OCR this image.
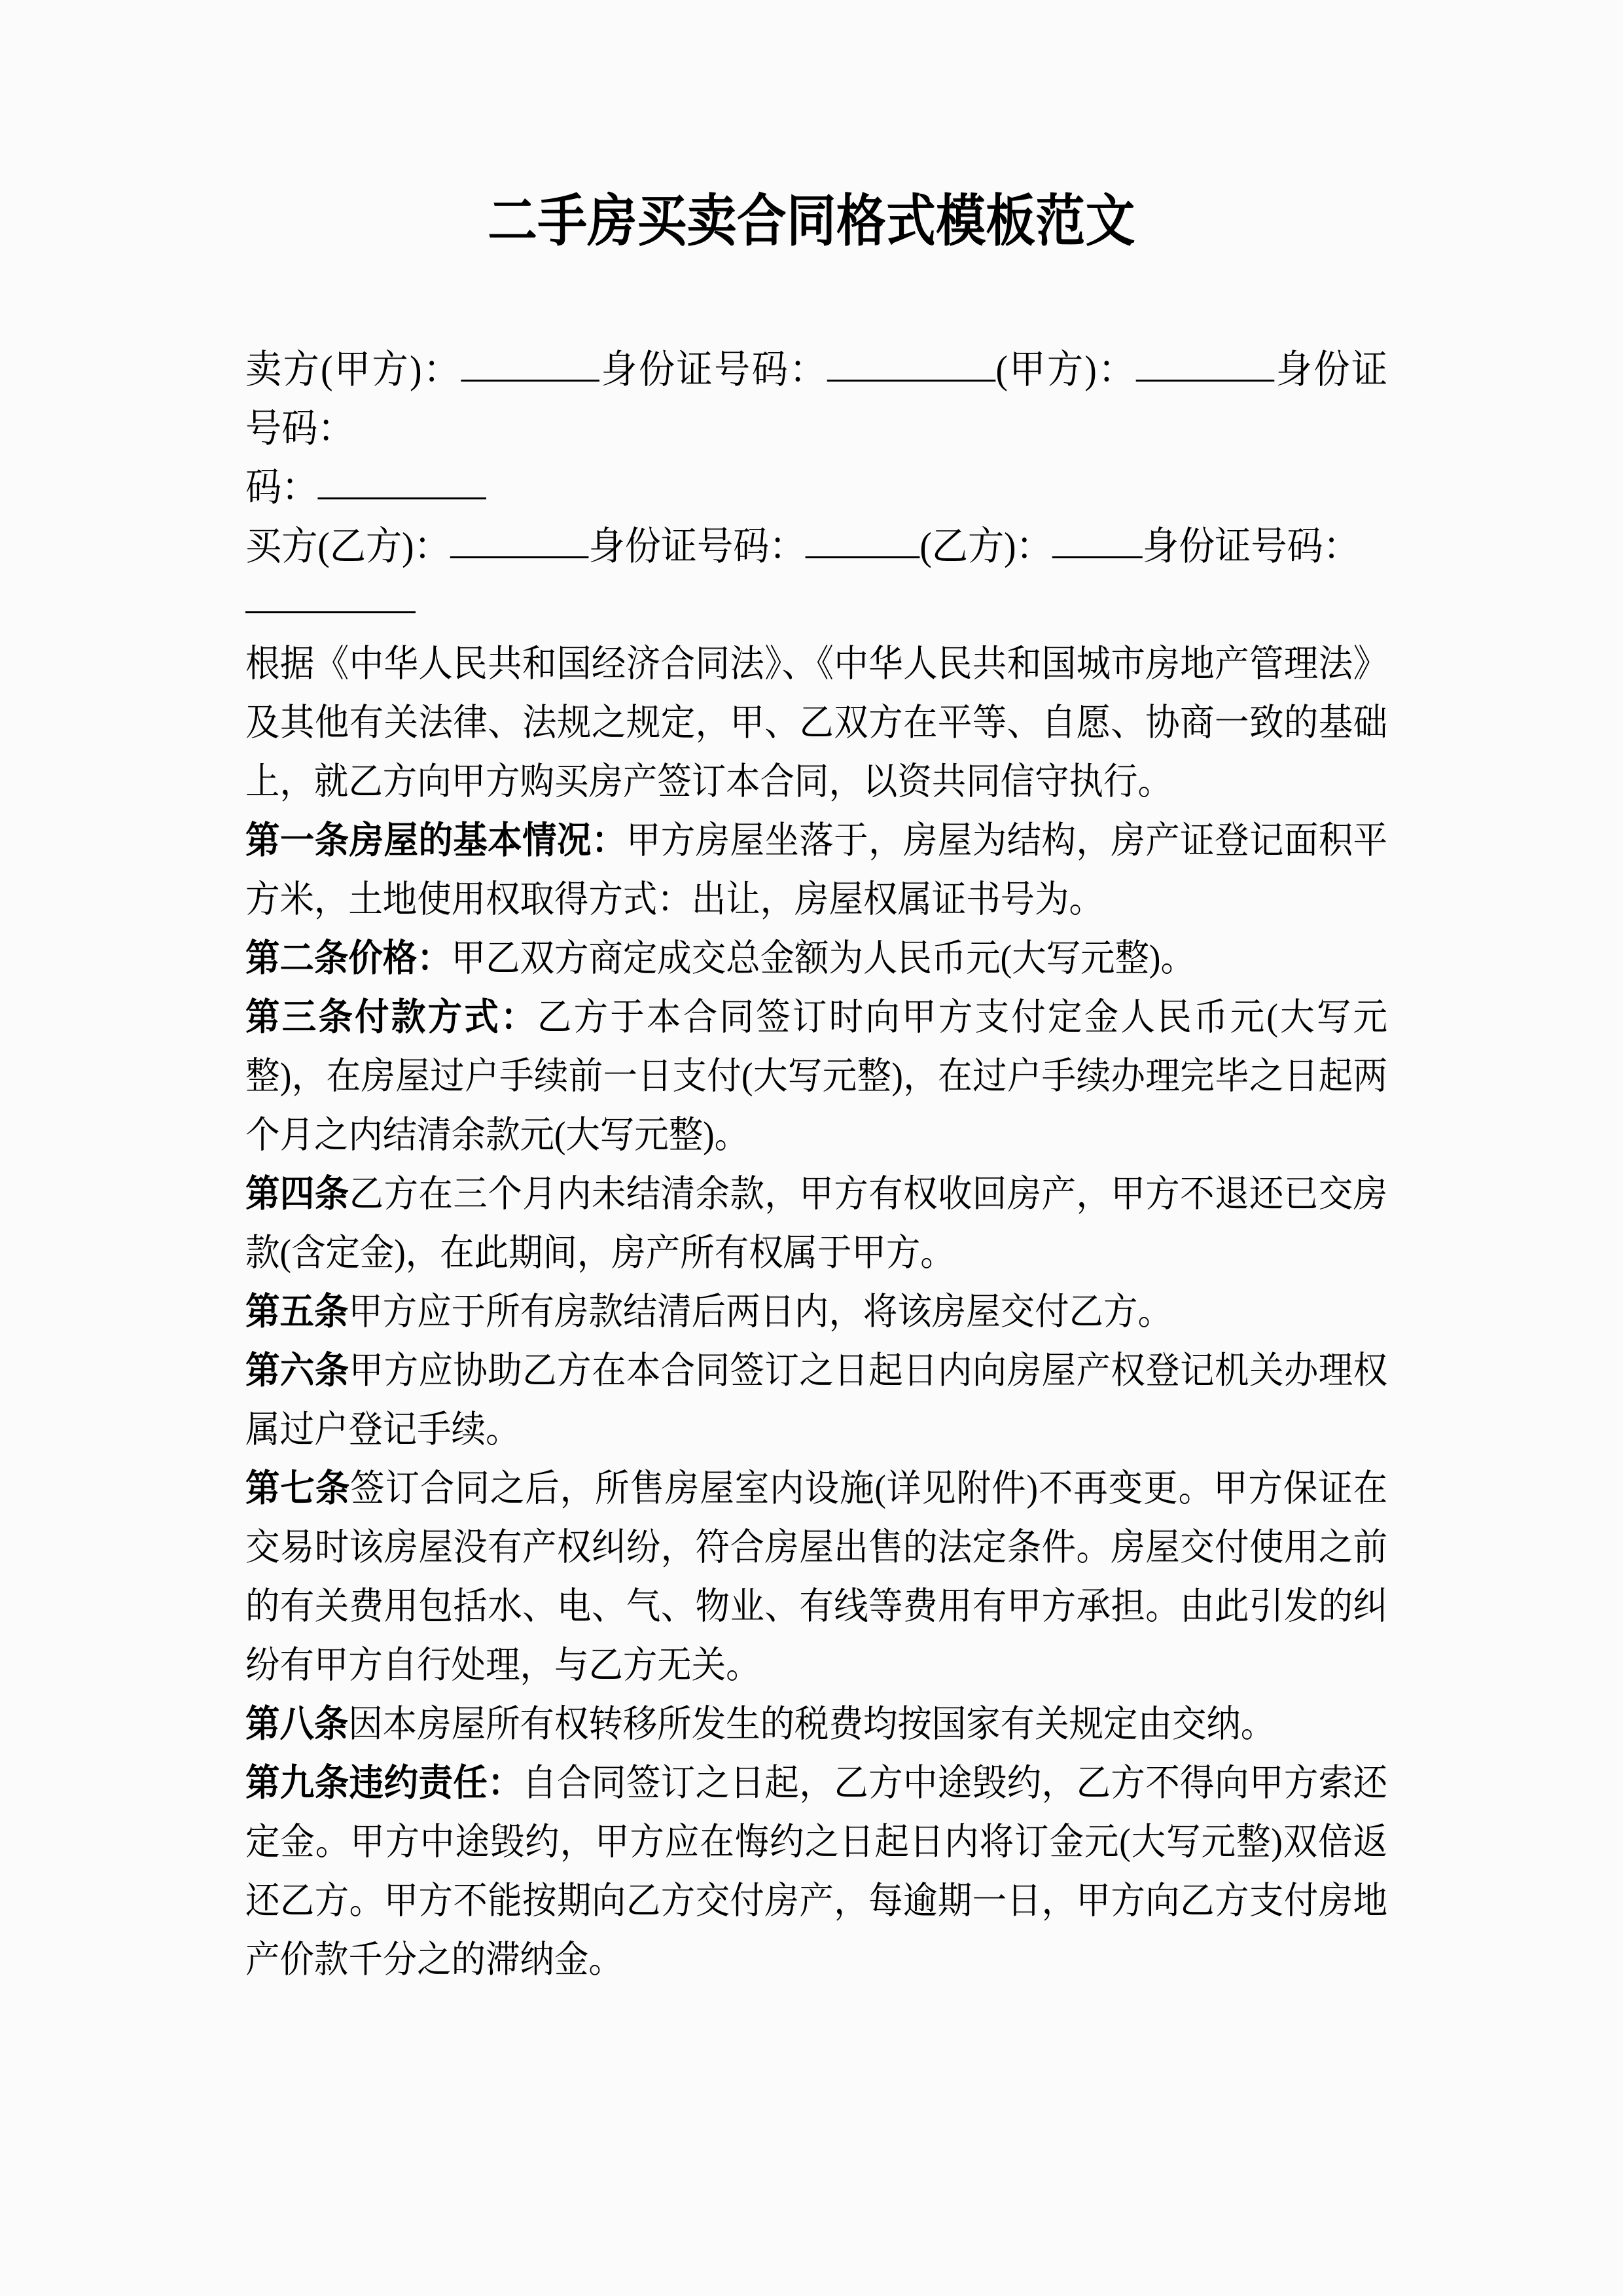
二手房买卖合同格式模板范文

卖方(甲方)：	身份证号码：	(甲方)：	身份证号码：

码：

买方(乙方)：	身份证号码：	(乙方)： 身份证号码：

根据《中华人民共和国经济合同法》、《中华人民共和国城市房地产管理法》及其他有关法律、法规之规定，甲、乙双方在平等、自愿、协商一致的基础上，就乙方向甲方购买房产签订本合同，以资共同信守执行。

第一条房屋的基本情况：甲方房屋坐落于，房屋为结构，房产证登记面积平方米，土地使用权取得方式：出让，房屋权属证书号为。

第二条价格：甲乙双方商定成交总金额为人民币元(大写元整)。

第三条付款方式：乙方于本合同签订时向甲方支付定金人民币元(大写元整)，在房屋过户手续前一日支付(大写元整)，在过户手续办理完毕之日起两个月之内结清余款元(大写元整)。

第四条乙方在三个月内未结清余款，甲方有权收回房产，甲方不退还已交房款(含定金)，在此期间，房产所有权属于甲方。

第五条甲方应于所有房款结清后两日内，将该房屋交付乙方。

第六条甲方应协助乙方在本合同签订之日起日内向房屋产权登记机关办理权属过户登记手续。

第七条签订合同之后，所售房屋室内设施(详见附件)不再变更。甲方保证在交易时该房屋没有产权纠纷，符合房屋出售的法定条件。房屋交付使用之前的有关费用包括水、电、气、物业、有线等费用有甲方承担。由此引发的纠纷有甲方自行处理，与乙方无关。

第八条因本房屋所有权转移所发生的税费均按国家有关规定由交纳。

第九条违约责任：自合同签订之日起，乙方中途毁约，乙方不得向甲方索还定金。甲方中途毁约，甲方应在悔约之日起日内将订金元(大写元整)双倍返还乙方。甲方不能按期向乙方交付房产，每逾期一日，甲方向乙方支付房地产价款千分之的滞纳金。
